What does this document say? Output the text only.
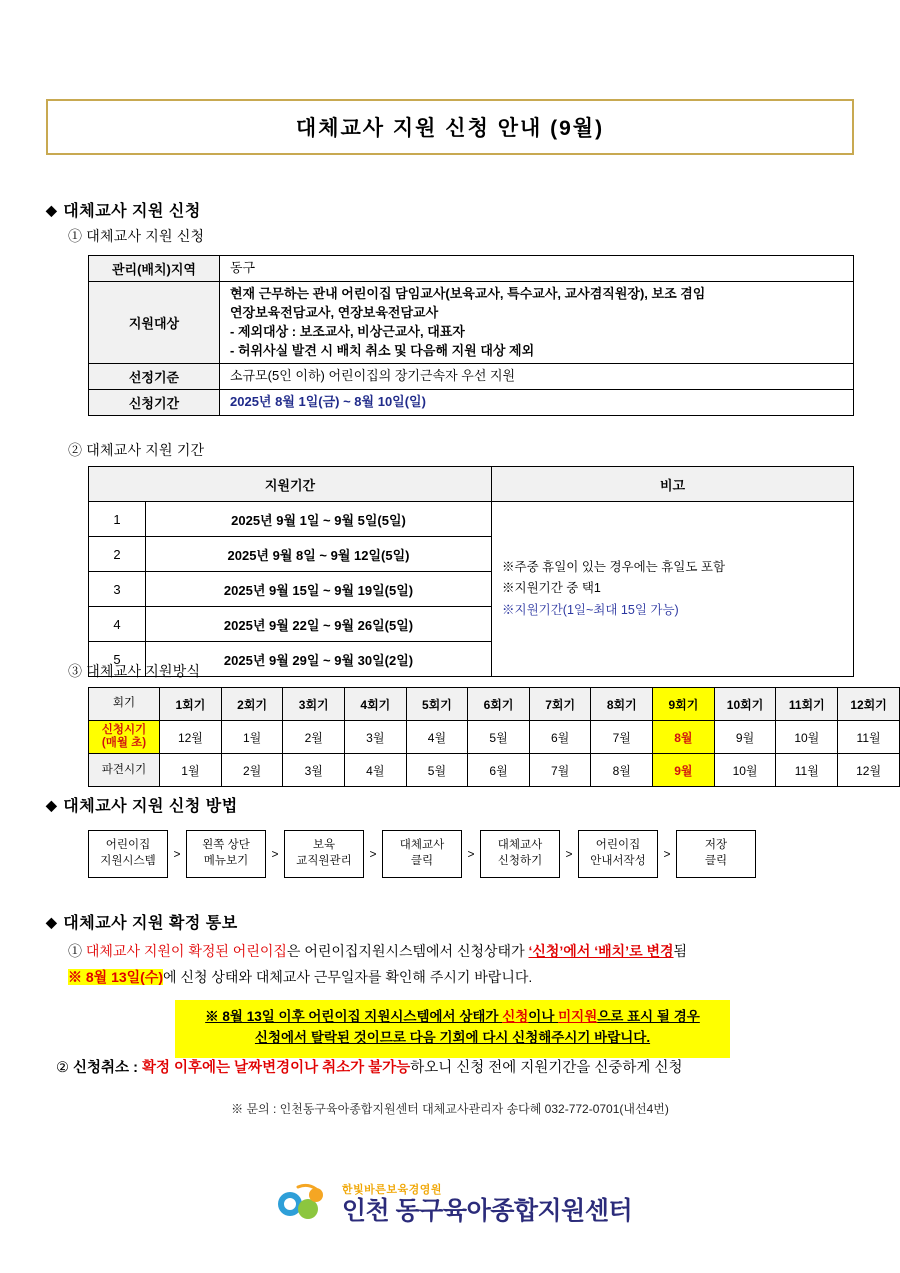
대체교사 지원 신청 안내 (9월)
◆ 대체교사 지원 신청
① 대체교사 지원 신청
관리(배치)지역	동구
지원대상	현재 근무하는 관내 어린이집 담임교사(보육교사, 특수교사, 교사겸직원장), 보조 겸임
연장보육전담교사, 연장보육전담교사
- 제외대상 : 보조교사, 비상근교사, 대표자
- 허위사실 발견 시 배치 취소 및 다음해 지원 대상 제외
선정기준	소규모(5인 이하) 어린이집의 장기근속자 우선 지원
신청기간	2025년 8월 1일(금) ~ 8월 10일(일)
② 대체교사 지원 기간
지원기간		비고
1	2025년 9월 1일 ~ 9월 5일(5일)	※주중 휴일이 있는 경우에는 휴일도 포함
※지원기간 중 택1
※지원기간(1일~최대 15일 가능)

2	2025년 9월 8일 ~ 9월 12일(5일)	
3	2025년 9월 15일 ~ 9월 19일(5일)	
4	2025년 9월 22일 ~ 9월 26일(5일)	
5	2025년 9월 29일 ~ 9월 30일(2일)	
③ 대체교사 지원방식
회기	1회기	2회기	3회기	4회기	5회기	6회기	7회기	8회기	9회기	10회기	11회기	12회기
신청시기
(매월 초)	12월	1월	2월	3월	4월	5월	6월	7월	8월	9월	10월	11월
파견시기	1월	2월	3월	4월	5월	6월	7월	8월	9월	10월	11월	12월
◆ 대체교사 지원 신청 방법
어린이집
지원시스템	>
왼쪽 상단
메뉴보기	>
보육
교직원관리	>
대체교사
클릭	>
대체교사
신청하기	>
어린이집
안내서작성	>
저장
클릭
◆ 대체교사 지원 확정 통보
① 대체교사 지원이 확정된 어린이집은 어린이집지원시스템에서 신청상태가 ‘신청’에서 ‘배치’로 변경됨
※ 8월 13일(수)에 신청 상태와 대체교사 근무일자를 확인해 주시기 바랍니다.
※ 8월 13일 이후 어린이집 지원시스템에서 상태가 신청이나 미지원으로 표시 될 경우
신청에서 탈락된 것이므로 다음 기회에 다시 신청해주시기 바랍니다.
② 신청취소 : 확정 이후에는 날짜변경이나 취소가 불가능하오니 신청 전에 지원기간을 신중하게 신청
※ 문의 : 인천동구육아종합지원센터 대체교사관리자 송다혜 032-772-0701(내선4번)
한빛바른보육경영원
인천 동구육아종합지원센터
